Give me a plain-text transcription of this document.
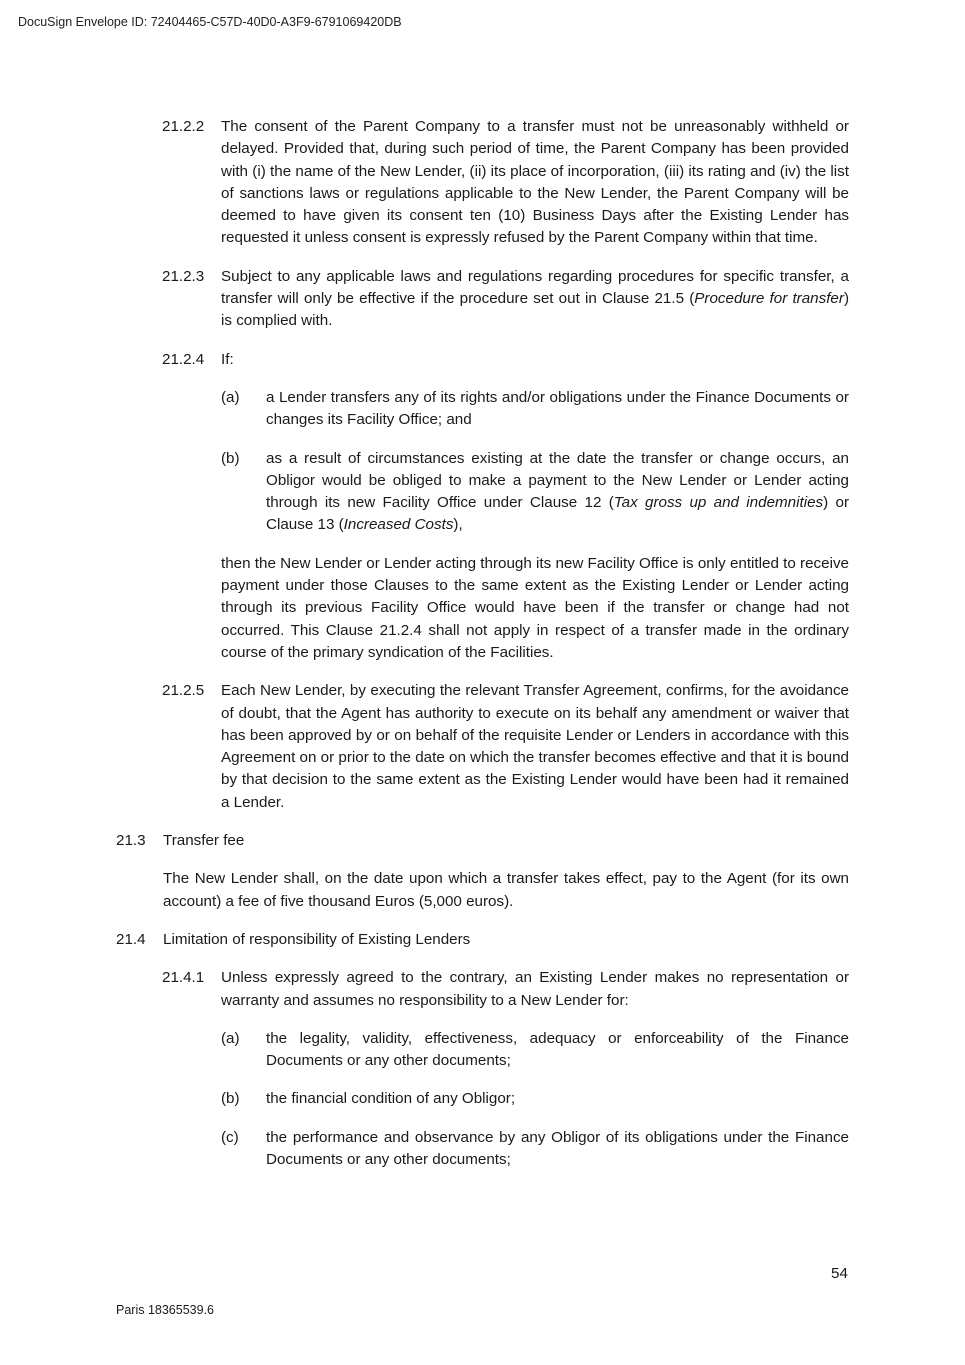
DocuSign Envelope ID: 72404465-C57D-40D0-A3F9-6791069420DB
21.2.2 The consent of the Parent Company to a transfer must not be unreasonably withheld or delayed. Provided that, during such period of time, the Parent Company has been provided with (i) the name of the New Lender, (ii) its place of incorporation, (iii) its rating and (iv) the list of sanctions laws or regulations applicable to the New Lender, the Parent Company will be deemed to have given its consent ten (10) Business Days after the Existing Lender has requested it unless consent is expressly refused by the Parent Company within that time.
21.2.3 Subject to any applicable laws and regulations regarding procedures for specific transfer, a transfer will only be effective if the procedure set out in Clause 21.5 (Procedure for transfer) is complied with.
21.2.4 If:
(a) a Lender transfers any of its rights and/or obligations under the Finance Documents or changes its Facility Office; and
(b) as a result of circumstances existing at the date the transfer or change occurs, an Obligor would be obliged to make a payment to the New Lender or Lender acting through its new Facility Office under Clause 12 (Tax gross up and indemnities) or Clause 13 (Increased Costs),
then the New Lender or Lender acting through its new Facility Office is only entitled to receive payment under those Clauses to the same extent as the Existing Lender or Lender acting through its previous Facility Office would have been if the transfer or change had not occurred. This Clause 21.2.4 shall not apply in respect of a transfer made in the ordinary course of the primary syndication of the Facilities.
21.2.5 Each New Lender, by executing the relevant Transfer Agreement, confirms, for the avoidance of doubt, that the Agent has authority to execute on its behalf any amendment or waiver that has been approved by or on behalf of the requisite Lender or Lenders in accordance with this Agreement on or prior to the date on which the transfer becomes effective and that it is bound by that decision to the same extent as the Existing Lender would have been had it remained a Lender.
21.3 Transfer fee
The New Lender shall, on the date upon which a transfer takes effect, pay to the Agent (for its own account) a fee of five thousand Euros (5,000 euros).
21.4 Limitation of responsibility of Existing Lenders
21.4.1 Unless expressly agreed to the contrary, an Existing Lender makes no representation or warranty and assumes no responsibility to a New Lender for:
(a) the legality, validity, effectiveness, adequacy or enforceability of the Finance Documents or any other documents;
(b) the financial condition of any Obligor;
(c) the performance and observance by any Obligor of its obligations under the Finance Documents or any other documents;
54
Paris 18365539.6
